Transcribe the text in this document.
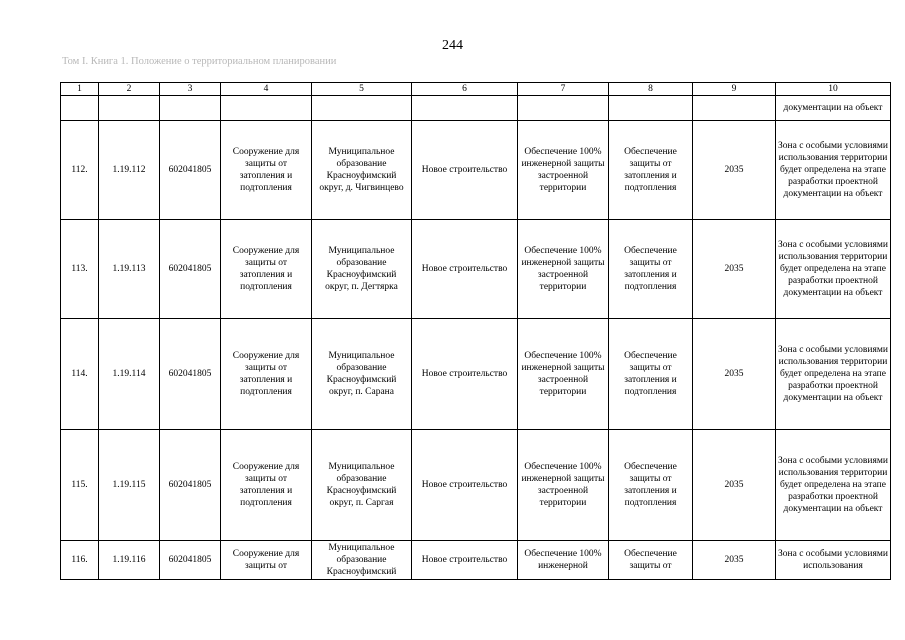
244
Том I. Книга 1. Положение о территориальном планировании
1	2	3	4	5	6	7	8	9	10
									документации на объект
112.	1.19.112	602041805	Сооружение для защиты от затопления и подтопления	Муниципальное образование Красноуфимский округ, д. Чигвинцево	Новое строительство	Обеспечение 100% инженерной защиты застроенной территории	Обеспечение защиты от затопления и подтопления	2035	Зона с особыми условиями использования территории будет определена на этапе разработки проектной документации на объект
113.	1.19.113	602041805	Сооружение для защиты от затопления и подтопления	Муниципальное образование Красноуфимский округ, п. Дегтярка	Новое строительство	Обеспечение 100% инженерной защиты застроенной территории	Обеспечение защиты от затопления и подтопления	2035	Зона с особыми условиями использования территории будет определена на этапе разработки проектной документации на объект
114.	1.19.114	602041805	Сооружение для защиты от затопления и подтопления	Муниципальное образование Красноуфимский округ, п. Сарана	Новое строительство	Обеспечение 100% инженерной защиты застроенной территории	Обеспечение защиты от затопления и подтопления	2035	Зона с особыми условиями использования территории будет определена на этапе разработки проектной документации на объект
115.	1.19.115	602041805	Сооружение для защиты от затопления и подтопления	Муниципальное образование Красноуфимский округ, п. Саргая	Новое строительство	Обеспечение 100% инженерной защиты застроенной территории	Обеспечение защиты от затопления и подтопления	2035	Зона с особыми условиями использования территории будет определена на этапе разработки проектной документации на объект
116.	1.19.116	602041805	Сооружение для защиты от	Муниципальное образование Красноуфимский	Новое строительство	Обеспечение 100% инженерной	Обеспечение защиты от	2035	Зона с особыми условиями использования
